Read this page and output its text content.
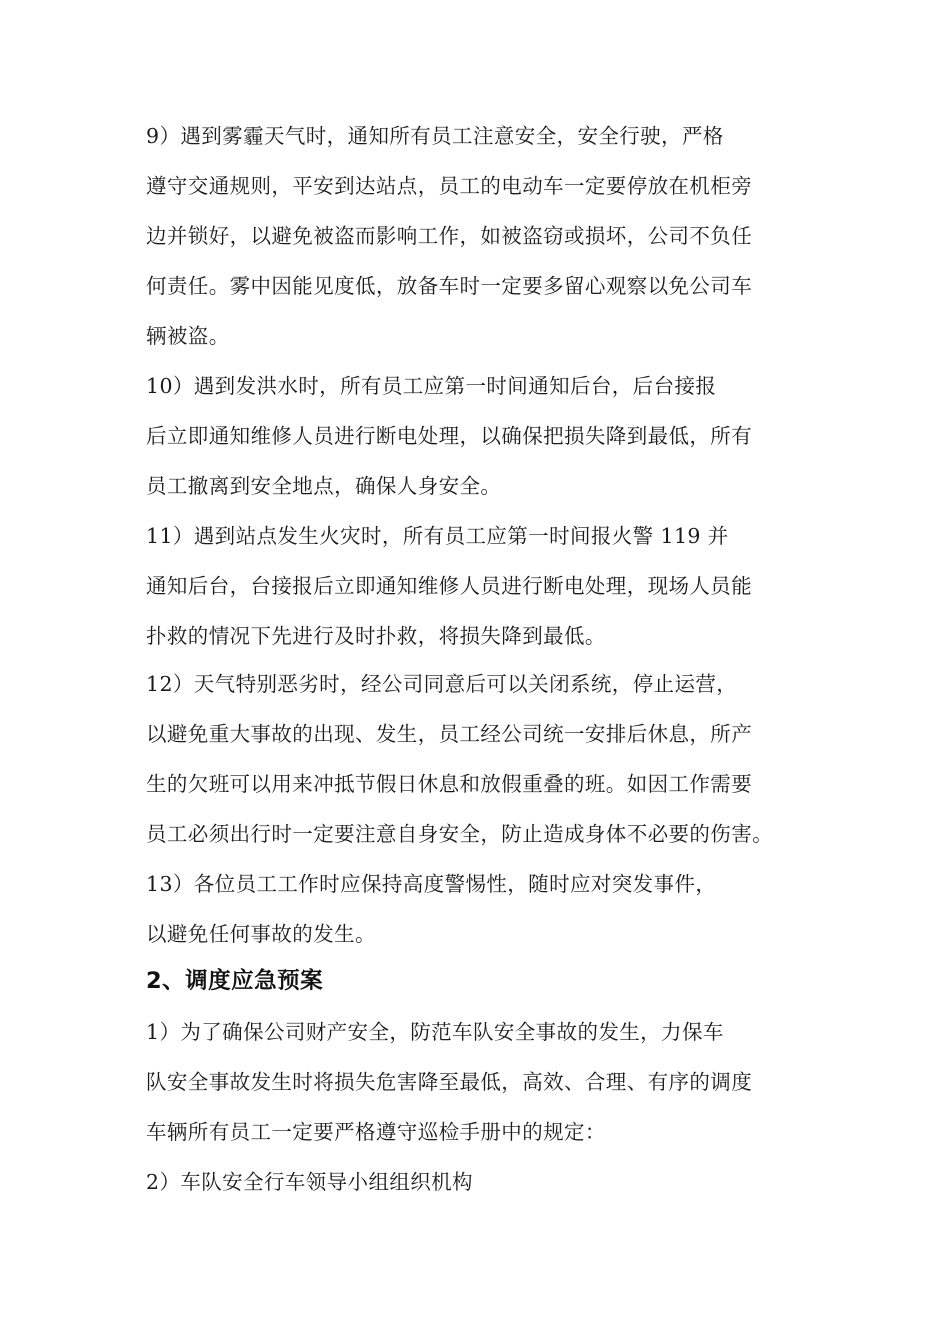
9）遇到雾霾天气时，通知所有员工注意安全，安全行驶，严格
遵守交通规则，平安到达站点，员工的电动车一定要停放在机柜旁
边并锁好，以避免被盗而影响工作，如被盗窃或损坏，公司不负任
何责任。雾中因能见度低，放备车时一定要多留心观察以免公司车
辆被盗。
10）遇到发洪水时，所有员工应第一时间通知后台，后台接报
后立即通知维修人员进行断电处理，以确保把损失降到最低，所有
员工撤离到安全地点，确保人身安全。
11）遇到站点发生火灾时，所有员工应第一时间报火警 119 并
通知后台，台接报后立即通知维修人员进行断电处理，现场人员能
扑救的情况下先进行及时扑救，将损失降到最低。
12）天气特别恶劣时，经公司同意后可以关闭系统，停止运营，
以避免重大事故的出现、发生，员工经公司统一安排后休息，所产
生的欠班可以用来冲抵节假日休息和放假重叠的班。如因工作需要
员工必须出行时一定要注意自身安全，防止造成身体不必要的伤害。
13）各位员工工作时应保持高度警惕性，随时应对突发事件，
以避免任何事故的发生。
2、调度应急预案
1）为了确保公司财产安全，防范车队安全事故的发生，力保车
队安全事故发生时将损失危害降至最低，高效、合理、有序的调度
车辆所有员工一定要严格遵守巡检手册中的规定：
2）车队安全行车领导小组组织机构
